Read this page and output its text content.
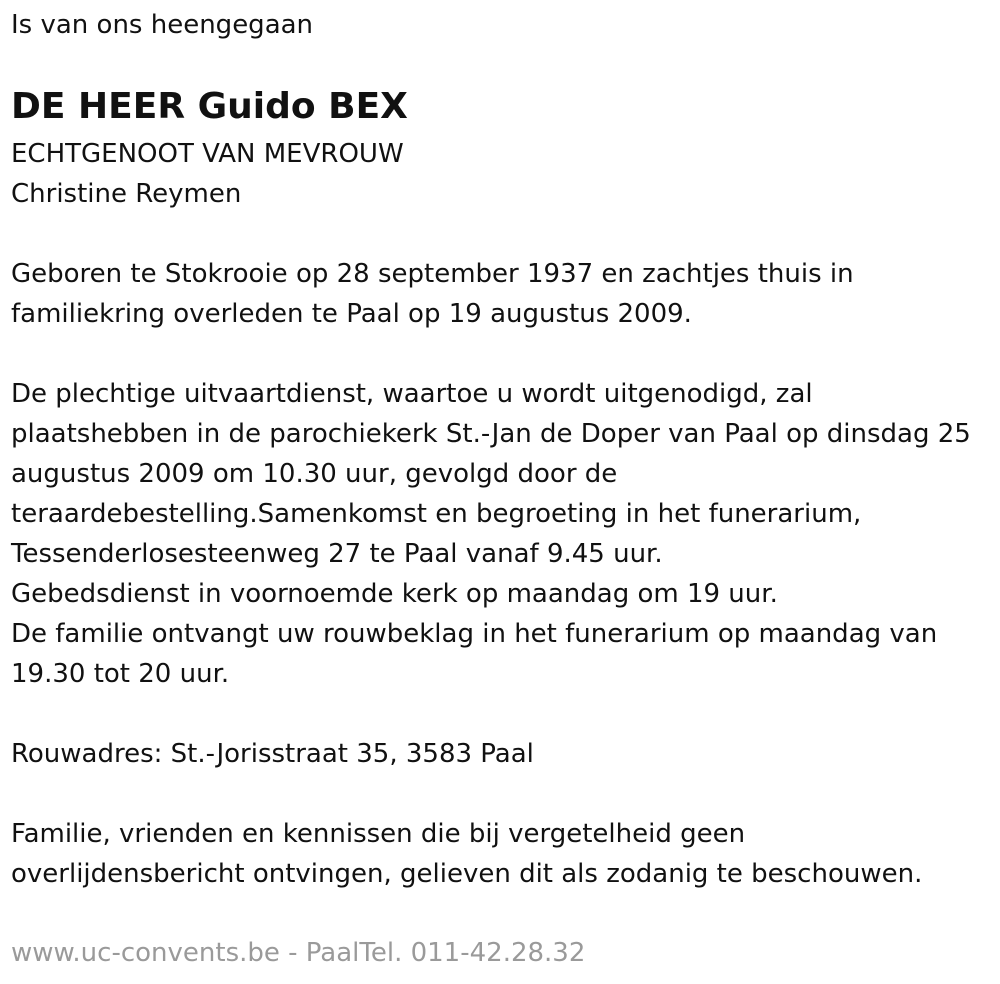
Is van ons heengegaan

DE HEER Guido BEX

ECHTGENOOT VAN MEVROUW

Christine Reymen

Geboren te Stokrooie op 28 september 1937 en zachtjes thuis in

familiekring overleden te Paal op 19 augustus 2009.

De plechtige uitvaartdienst, waartoe u wordt uitgenodigd, zal

plaatshebben in de parochiekerk St.-Jan de Doper van Paal op dinsdag 25

augustus 2009 om 10.30 uur, gevolgd door de

teraardebestelling.Samenkomst en begroeting in het funerarium,

Tessenderlosesteenweg 27 te Paal vanaf 9.45 uur.

Gebedsdienst in voornoemde kerk op maandag om 19 uur.

De familie ontvangt uw rouwbeklag in het funerarium op maandag van

19.30 tot 20 uur.

Rouwadres: St.-Jorisstraat 35, 3583 Paal

Familie, vrienden en kennissen die bij vergetelheid geen

overlijdensbericht ontvingen, gelieven dit als zodanig te beschouwen.

www.uc-convents.be - PaalTel. 011-42.28.32
